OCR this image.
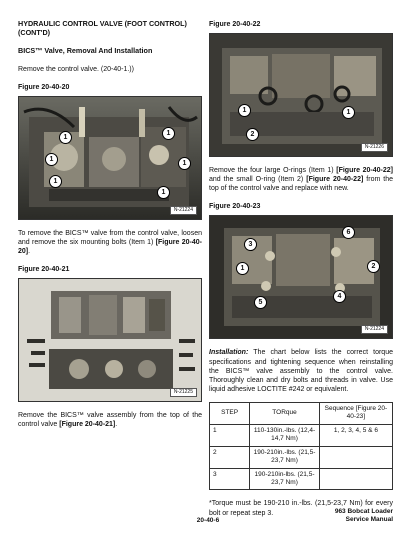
HYDRAULIC CONTROL VALVE (FOOT CONTROL) (CONT'D)
BICS™ Valve, Removal And Installation
Remove the control valve. (20-40-1.))
Figure 20-40-20
1
1
1
1
1
1
N-21224
To remove the BICS™ valve from the control valve, loosen and remove the six mounting bolts (Item 1) [Figure 20-40-20].
Figure 20-40-21
N-21225
Remove the BICS™ valve assembly from the top of the control valve [Figure 20-40-21].
Figure 20-40-22
1	1
2
N-21226
Remove the four large O-rings (Item 1) [Figure 20-40-22] and the small O-ring (Item 2) [Figure 20-40-22] from the top of the control valve and replace with new.
Figure 20-40-23
6
3
1	2
4
5
N-21224
Installation: The chart below lists the correct torque specifications and tightening sequence when reinstalling the BICS™ valve assembly to the control valve. Thoroughly clean and dry bolts and threads in valve. Use liquid adhesive LOCTITE #242 or equivalent.
STEP	TORque	Sequence [Figure 20-40-23]
1	110-130in.-lbs. (12,4-14,7 Nm)	1, 2, 3, 4, 5 & 6
2	190-210in.-lbs. (21,5-23,7 Nm)	
3	190-210in-lbs. (21,5-23,7 Nm)	
*Torque must be 190-210 in.-lbs. (21,5-23,7 Nm) for every bolt or repeat step 3.	963 Bobcat Loader
Service Manual
20-40-6
